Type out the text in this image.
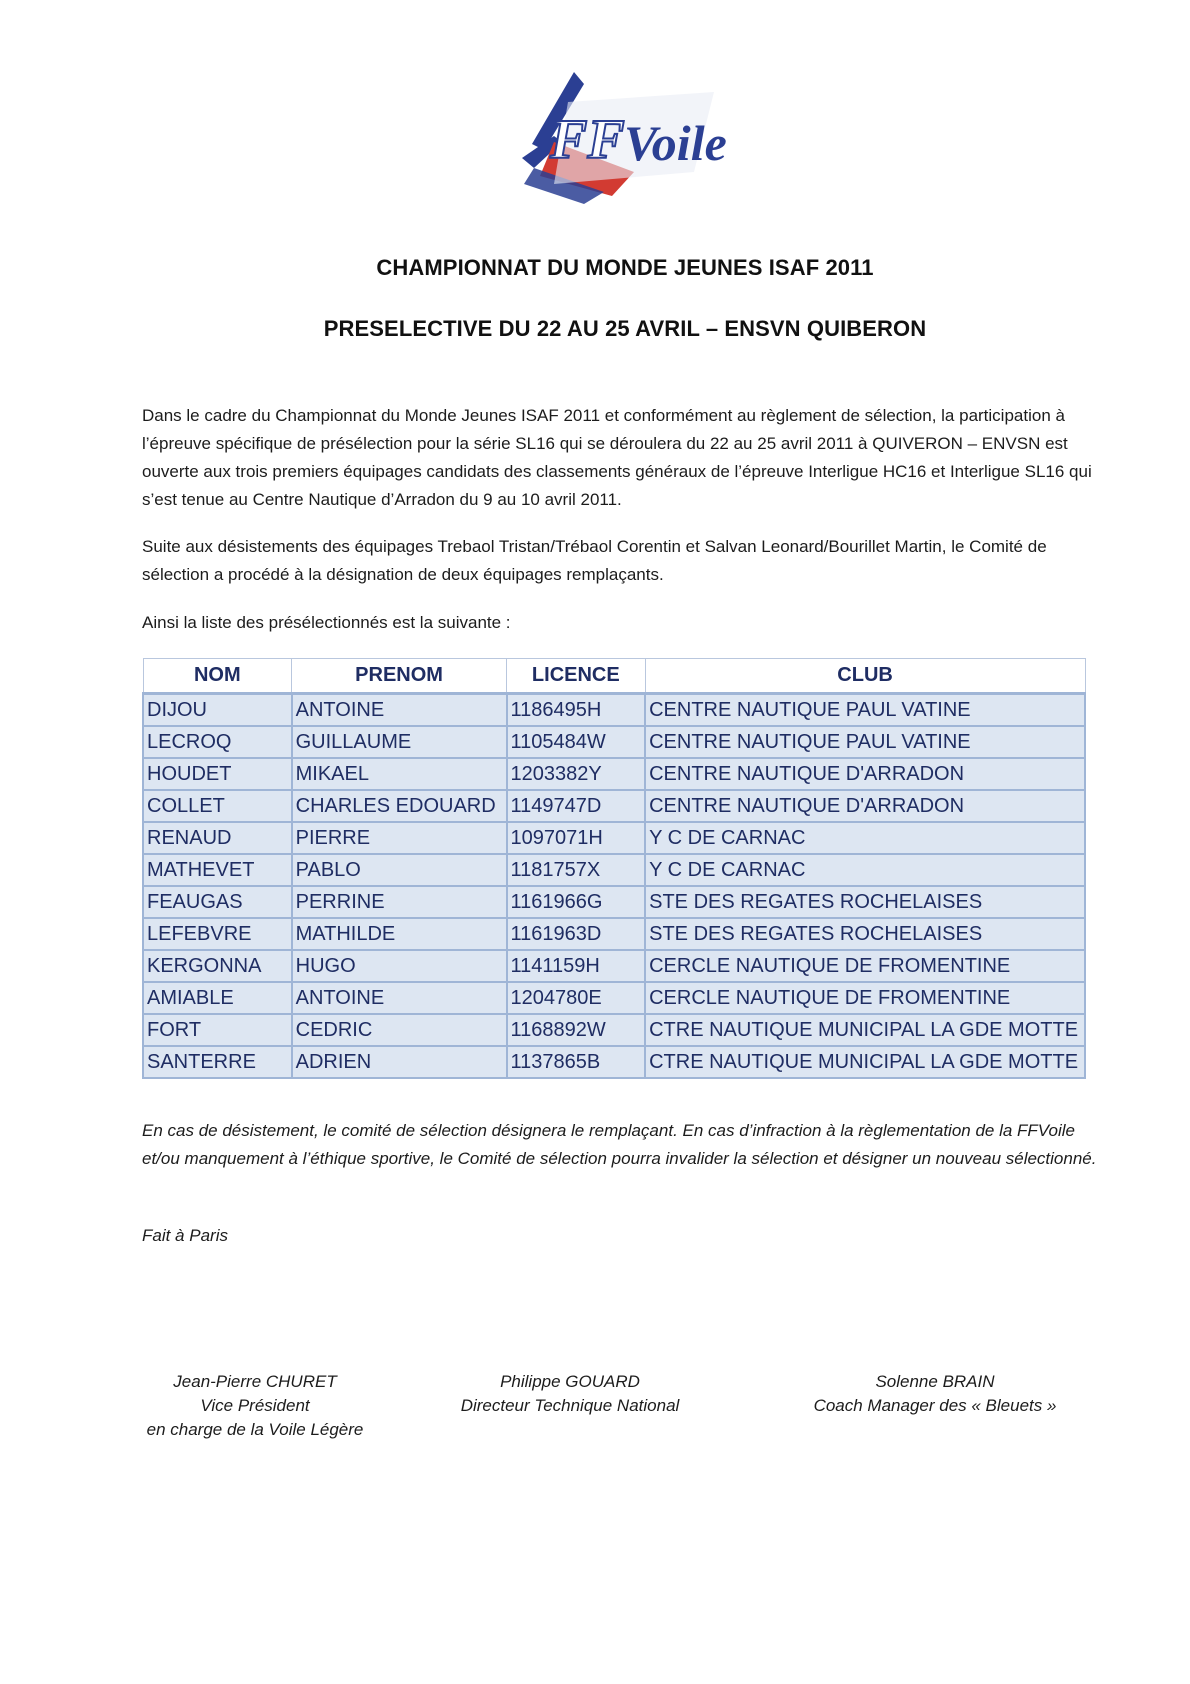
FF Voile
CHAMPIONNAT DU MONDE JEUNES ISAF 2011
PRESELECTIVE DU 22 AU 25 AVRIL – ENSVN QUIBERON
Dans le cadre du Championnat du Monde Jeunes ISAF 2011 et conformément au règlement de sélection, la participation à l’épreuve spécifique de présélection pour la série SL16 qui se déroulera du 22 au 25 avril 2011 à QUIVERON – ENVSN est ouverte aux trois premiers équipages candidats des classements généraux de l’épreuve Interligue HC16 et Interligue SL16 qui s’est tenue au Centre Nautique d’Arradon du 9 au 10 avril 2011.
Suite aux désistements des équipages Trebaol Tristan/Trébaol Corentin et Salvan Leonard/Bourillet Martin, le Comité de sélection a procédé à la désignation de deux équipages remplaçants.
Ainsi la liste des présélectionnés est la suivante :
NOM	PRENOM	LICENCE	CLUB
DIJOU	ANTOINE	1186495H	CENTRE NAUTIQUE PAUL VATINE
LECROQ	GUILLAUME	1105484W	CENTRE NAUTIQUE PAUL VATINE
HOUDET	MIKAEL	1203382Y	CENTRE NAUTIQUE D'ARRADON
COLLET	CHARLES EDOUARD	1149747D	CENTRE NAUTIQUE D'ARRADON
RENAUD	PIERRE	1097071H	Y C DE CARNAC
MATHEVET	PABLO	1181757X	Y C DE CARNAC
FEAUGAS	PERRINE	1161966G	STE DES REGATES ROCHELAISES
LEFEBVRE	MATHILDE	1161963D	STE DES REGATES ROCHELAISES
KERGONNA	HUGO	1141159H	CERCLE NAUTIQUE DE FROMENTINE
AMIABLE	ANTOINE	1204780E	CERCLE NAUTIQUE DE FROMENTINE
FORT	CEDRIC	1168892W	CTRE NAUTIQUE MUNICIPAL LA GDE MOTTE
SANTERRE	ADRIEN	1137865B	CTRE NAUTIQUE MUNICIPAL LA GDE MOTTE
En cas de désistement, le comité de sélection désignera le remplaçant. En cas d’infraction à la règlementation de la FFVoile et/ou manquement à l’éthique sportive, le Comité de sélection pourra invalider la sélection et désigner un nouveau sélectionné.
Fait à Paris
Jean-Pierre CHURET
Vice Président
en charge de la Voile Légère
Philippe GOUARD
Directeur Technique National
Solenne BRAIN
Coach Manager des « Bleuets »
